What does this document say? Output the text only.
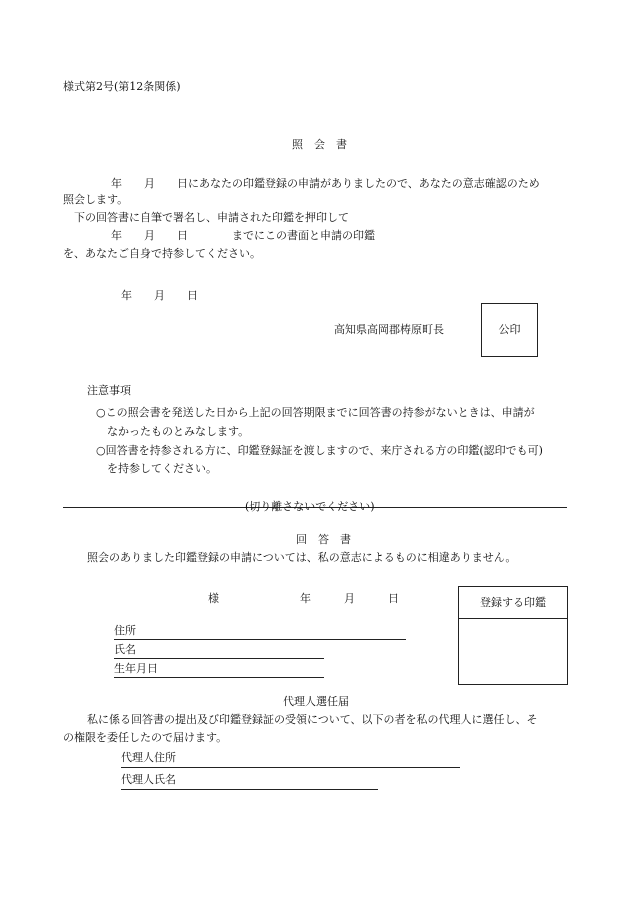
様式第2号(第12条関係)
照　会　書
年　　月　　日にあなたの印鑑登録の申請がありましたので、あなたの意志確認のため
照会します。
下の回答書に自筆で署名し、申請された印鑑を押印して
年　　月　　日　　　　までにこの書面と申請の印鑑
を、あなたご自身で持参してください。
年　　月　　日
高知県高岡郡梼原町長	公印
注意事項
○この照会書を発送した日から上記の回答期限までに回答書の持参がないときは、申請が
なかったものとみなします。
○回答書を持参される方に、印鑑登録証を渡しますので、来庁される方の印鑑(認印でも可)
を持参してください。
(切り離さないでください)
回　答　書
照会のありました印鑑登録の申請については、私の意志によるものに相違ありません。
様	年　　　月　　　日
住所
氏名
生年月日
登録する印鑑
代理人選任届
私に係る回答書の提出及び印鑑登録証の受領について、以下の者を私の代理人に選任し、そ
の権限を委任したので届けます。
代理人住所
代理人氏名
